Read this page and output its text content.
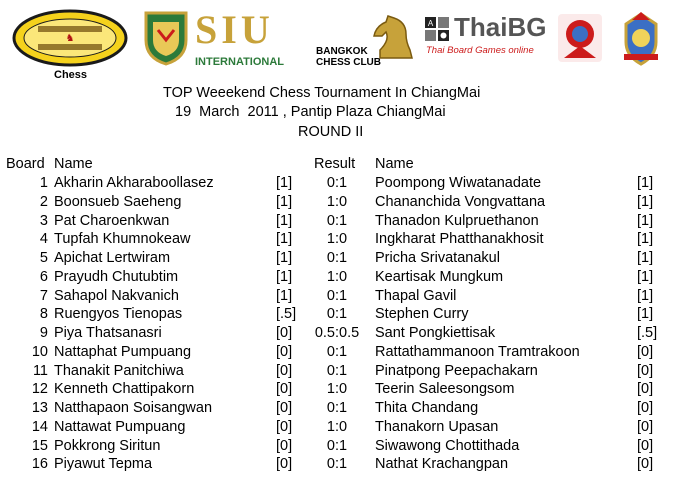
♞
Chess
SIU
INTERNATIONAL
BANGKOK
CHESS CLUB
A ThaiBG
Thai Board Games online
TOP Weeekend Chess Tournament In ChiangMai
19  March  2011 , Pantip Plaza ChiangMai
ROUND II
Board Name	Result Name
1 Akharin Akharaboollasez	[1]	0:1	Poompong Wiwatanadate	[1]
2 Boonsueb Saeheng	[1]	1:0	Chananchida Vongvattana	[1]
3 Pat Charoenkwan	[1]	0:1	Thanadon Kulpruethanon	[1]
4 Tupfah Khumnokeaw	[1]	1:0	Ingkharat Phatthanakhosit	[1]
5 Apichat Lertwiram	[1]	0:1	Pricha Srivatanakul	[1]
6 Prayudh Chutubtim	[1]	1:0	Keartisak Mungkum	[1]
7 Sahapol Nakvanich	[1]	0:1	Thapal Gavil	[1]
8 Ruengyos Tienopas	[.5]	0:1	Stephen Curry	[1]
9 Piya Thatsanasri	[0]	0.5:0.5	Sant Pongkiettisak	[.5]
10 Nattaphat Pumpuang	[0]	0:1	Rattathammanoon Tramtrakoon	[0]
11 Thanakit Panitchiwa	[0]	0:1	Pinatpong Peepachakarn	[0]
12 Kenneth Chattipakorn	[0]	1:0	Teerin Saleesongsom	[0]
13 Natthapaon Soisangwan	[0]	0:1	Thita Chandang	[0]
14 Nattawat Pumpuang	[0]	1:0	Thanakorn Upasan	[0]
15 Pokkrong Siritun	[0]	0:1	Siwawong Chottithada	[0]
16 Piyawut Tepma	[0]	0:1	Nathat Krachangpan	[0]
